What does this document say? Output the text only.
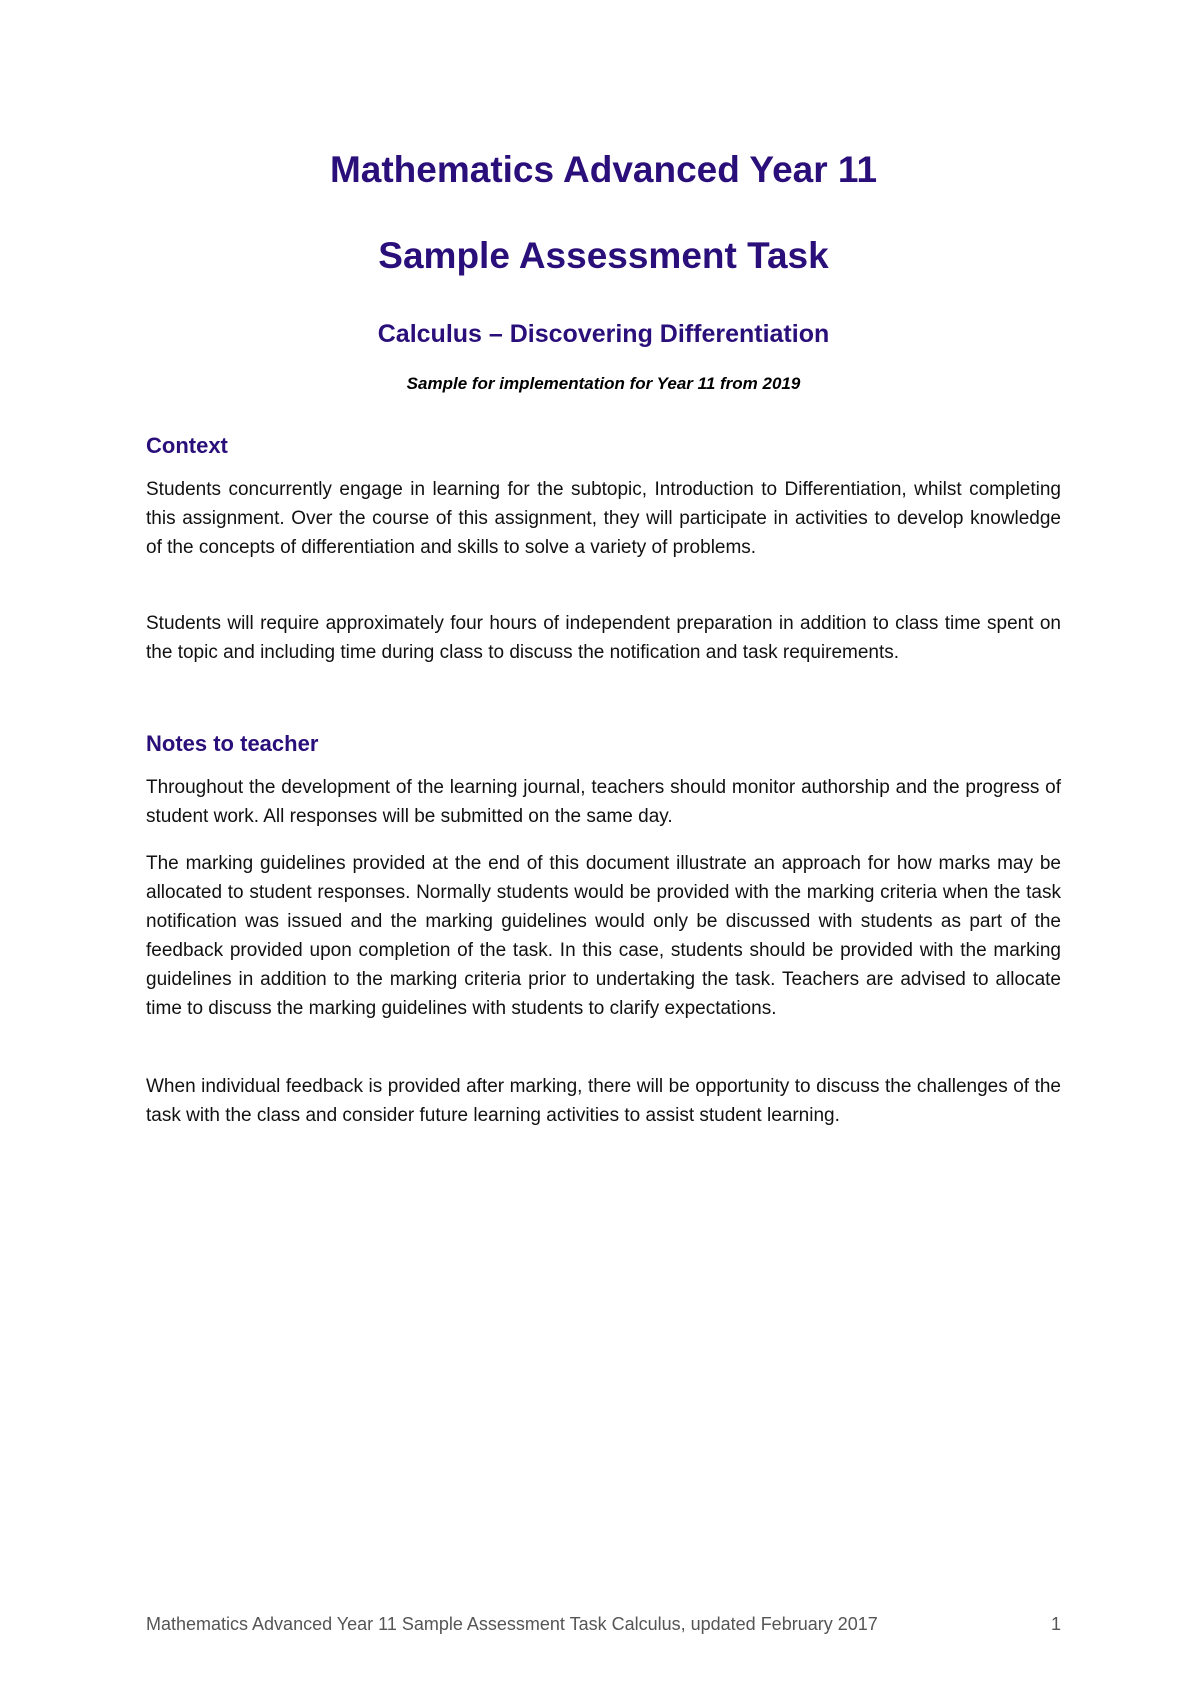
Mathematics Advanced Year 11
Sample Assessment Task
Calculus – Discovering Differentiation

Sample for implementation for Year 11 from 2019

Context

Students concurrently engage in learning for the subtopic, Introduction to Differentiation, whilst completing this assignment. Over the course of this assignment, they will participate in activities to develop knowledge of the concepts of differentiation and skills to solve a variety of problems.

Students will require approximately four hours of independent preparation in addition to class time spent on the topic and including time during class to discuss the notification and task requirements.

Notes to teacher

Throughout the development of the learning journal, teachers should monitor authorship and the progress of student work. All responses will be submitted on the same day.

The marking guidelines provided at the end of this document illustrate an approach for how marks may be allocated to student responses. Normally students would be provided with the marking criteria when the task notification was issued and the marking guidelines would only be discussed with students as part of the feedback provided upon completion of the task. In this case, students should be provided with the marking guidelines in addition to the marking criteria prior to undertaking the task. Teachers are advised to allocate time to discuss the marking guidelines with students to clarify expectations.

When individual feedback is provided after marking, there will be opportunity to discuss the challenges of the task with the class and consider future learning activities to assist student learning.

Mathematics Advanced Year 11 Sample Assessment Task Calculus, updated February 2017	1
